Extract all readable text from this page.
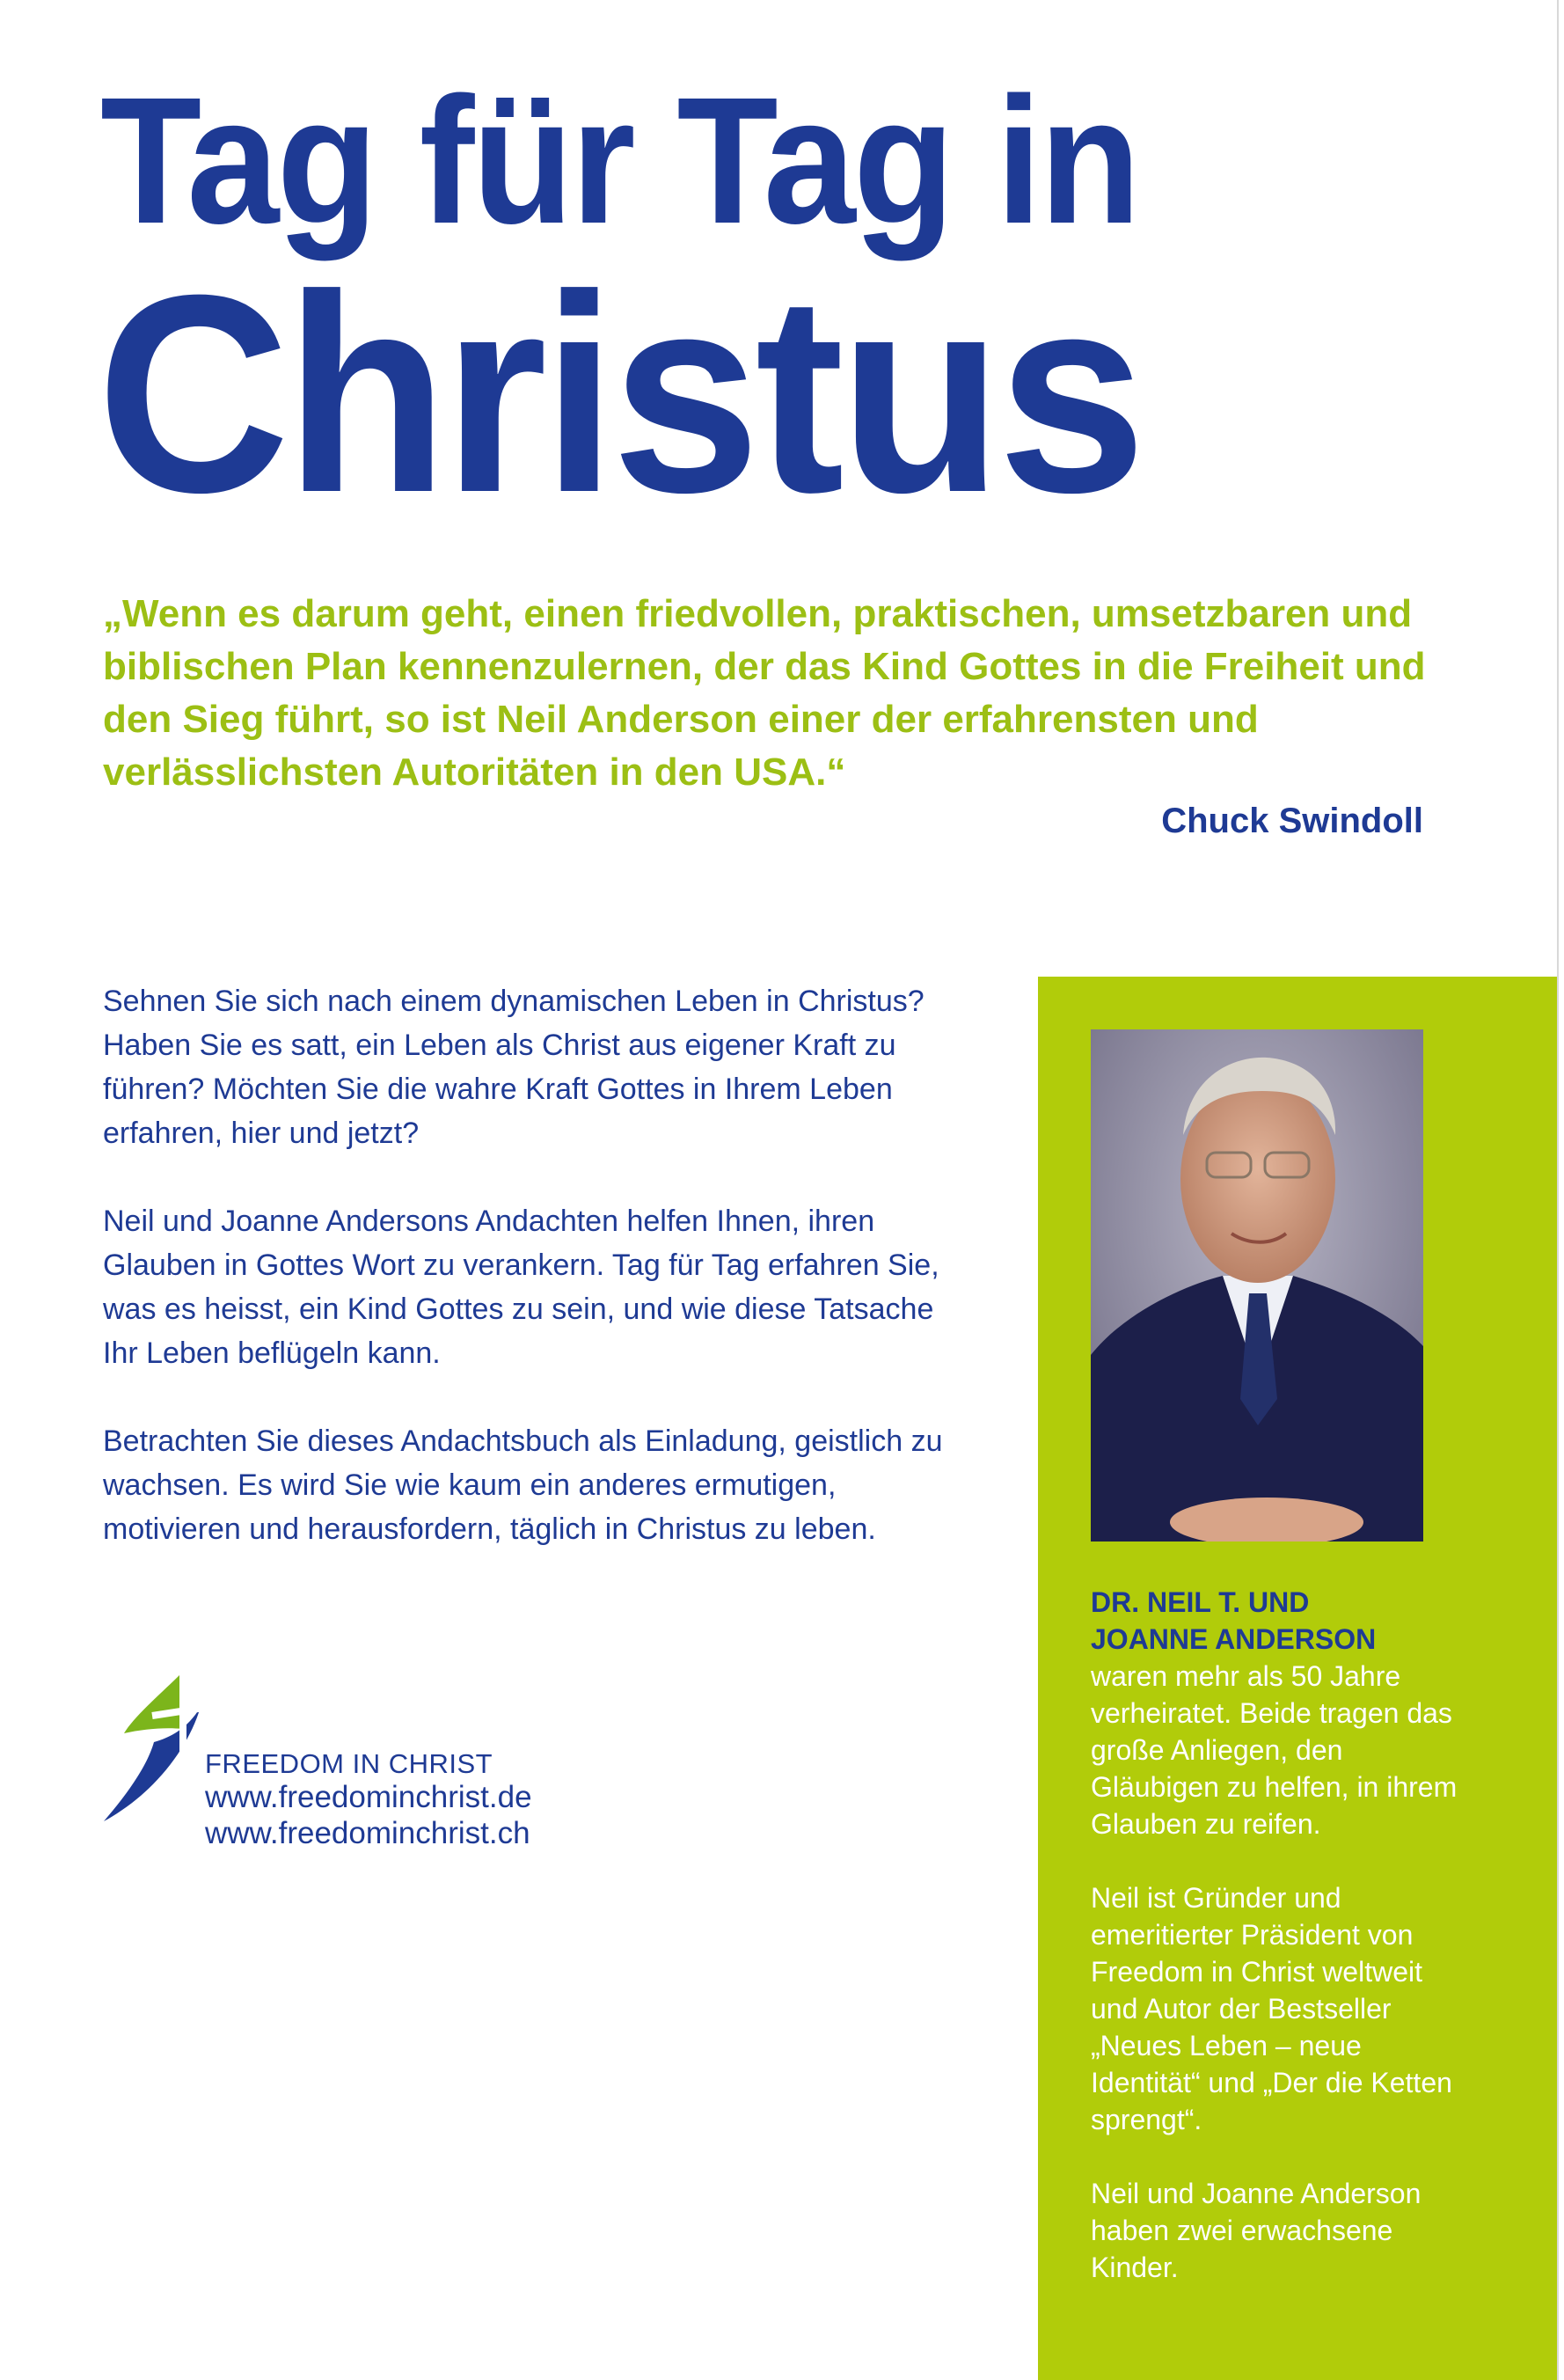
Tag für Tag in
Christus

„Wenn es darum geht, einen friedvollen, praktischen, umsetzbaren und biblischen Plan kennenzulernen, der das Kind Gottes in die Freiheit und den Sieg führt, so ist Neil Anderson einer der erfahrensten und verlässlichsten Autoritäten in den USA.“

Chuck Swindoll

Sehnen Sie sich nach einem dynamischen Leben in Christus? Haben Sie es satt, ein Leben als Christ aus eigener Kraft zu führen? Möchten Sie die wahre Kraft Gottes in Ihrem Leben erfahren, hier und jetzt?

Neil und Joanne Andersons Andachten helfen Ihnen, ihren Glauben in Gottes Wort zu verankern. Tag für Tag erfahren Sie, was es heisst, ein Kind Gottes zu sein, und wie diese Tatsache Ihr Leben beflügeln kann.

Betrachten Sie dieses Andachtsbuch als Einladung, geistlich zu wachsen. Es wird Sie wie kaum ein anderes ermutigen, motivieren und herausfordern, täglich in Christus zu leben.

FREEDOM IN CHRIST
www.freedominchrist.de
www.freedominchrist.ch

DR. NEIL T. UND
JOANNE ANDERSON
waren mehr als 50 Jahre verheiratet. Beide tragen das große Anliegen, den Gläubigen zu helfen, in ihrem Glauben zu reifen.

Neil ist Gründer und emeritierter Präsident von Freedom in Christ weltweit und Autor der Bestseller „Neues Leben – neue Identität“ und „Der die Ketten sprengt“.

Neil und Joanne Anderson haben zwei erwachsene Kinder.
